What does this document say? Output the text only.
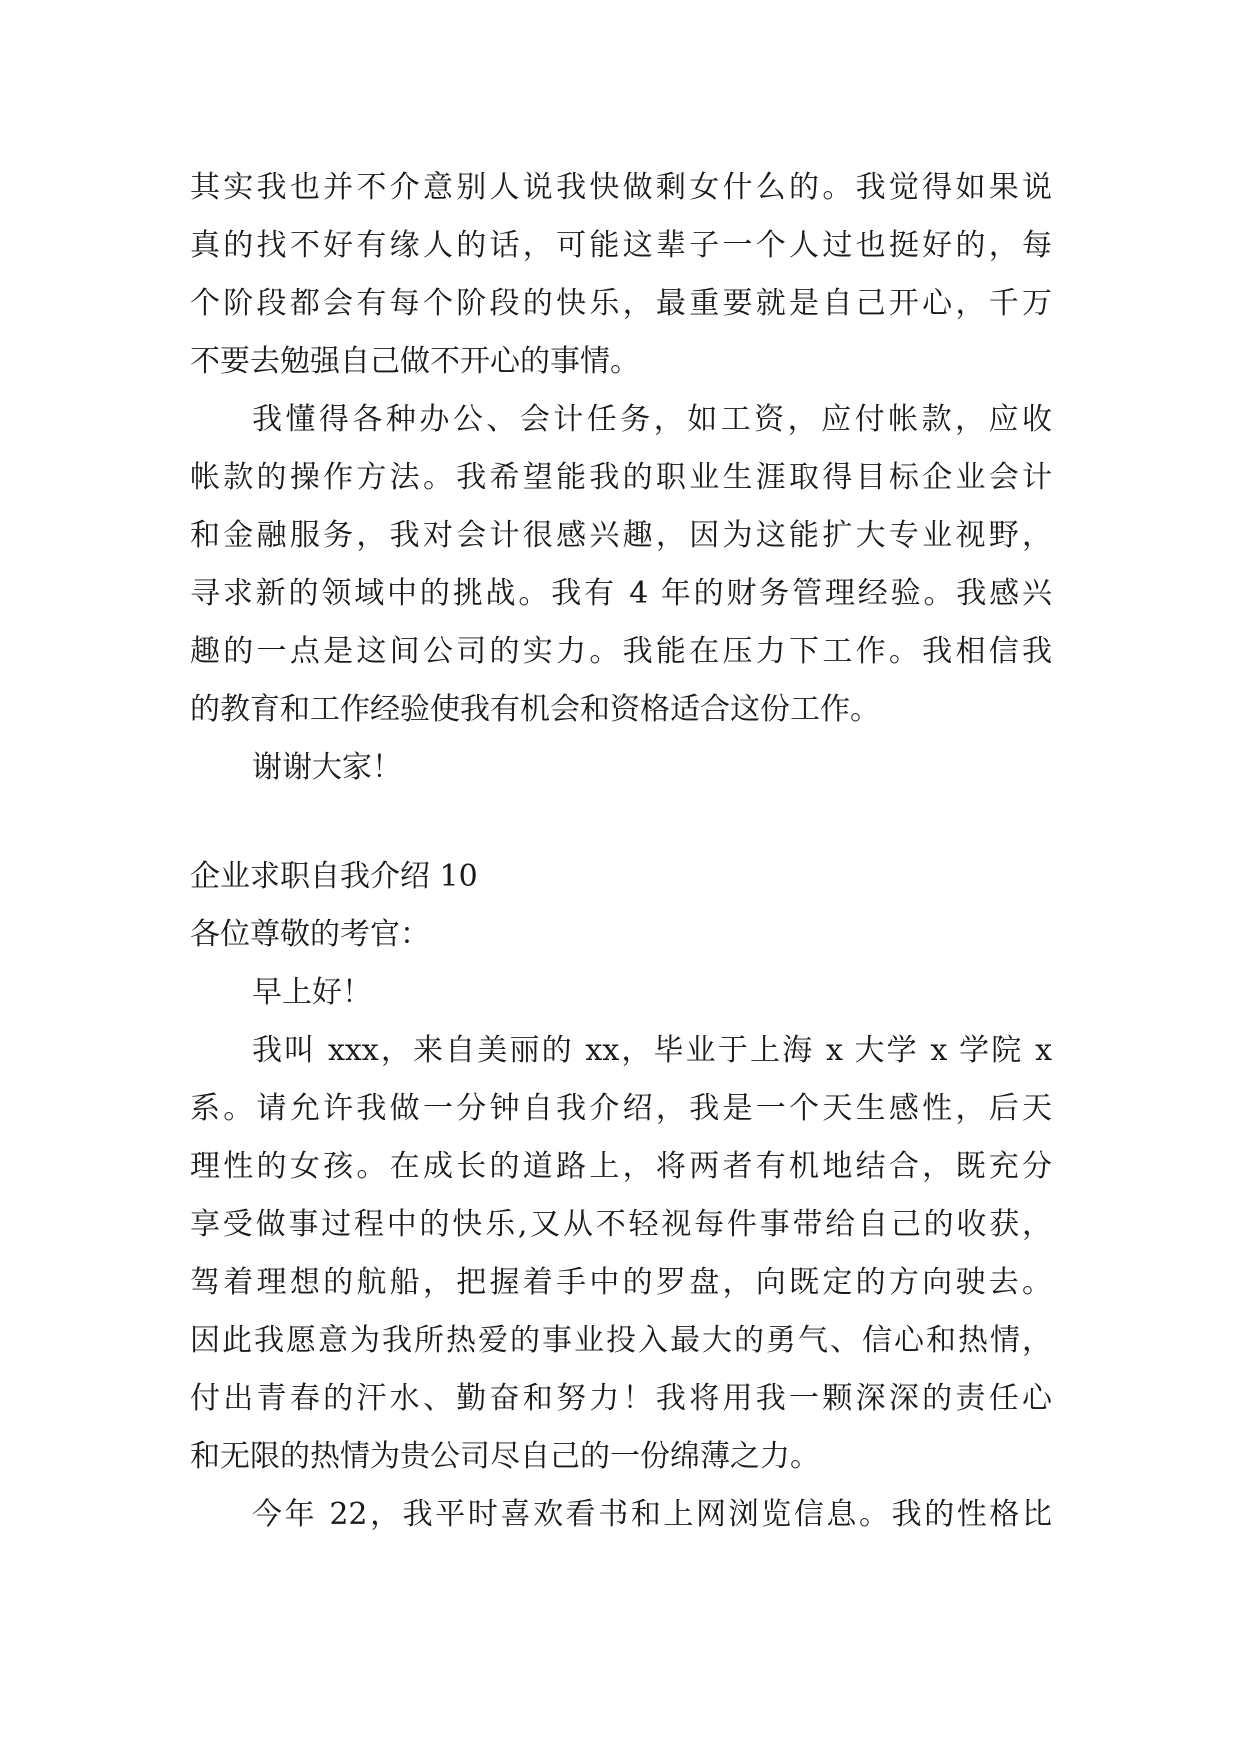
其实我也并不介意别人说我快做剩女什么的。我觉得如果说

真的找不好有缘人的话，可能这辈子一个人过也挺好的，每

个阶段都会有每个阶段的快乐，最重要就是自己开心，千万

不要去勉强自己做不开心的事情。

我懂得各种办公、会计任务，如工资，应付帐款，应收

帐款的操作方法。我希望能我的职业生涯取得目标企业会计

和金融服务，我对会计很感兴趣，因为这能扩大专业视野，

寻求新的领域中的挑战。我有 4 年的财务管理经验。我感兴

趣的一点是这间公司的实力。我能在压力下工作。我相信我

的教育和工作经验使我有机会和资格适合这份工作。

谢谢大家！

企业求职自我介绍 10

各位尊敬的考官：

早上好！

我叫 xxx，来自美丽的 xx，毕业于上海 x 大学 x 学院 x

系。请允许我做一分钟自我介绍，我是一个天生感性，后天

理性的女孩。在成长的道路上，将两者有机地结合，既充分

享受做事过程中的快乐,又从不轻视每件事带给自己的收获，

驾着理想的航船，把握着手中的罗盘，向既定的方向驶去。

因此我愿意为我所热爱的事业投入最大的勇气、信心和热情，

付出青春的汗水、勤奋和努力！我将用我一颗深深的责任心

和无限的热情为贵公司尽自己的一份绵薄之力。

今年 22，我平时喜欢看书和上网浏览信息。我的性格比
